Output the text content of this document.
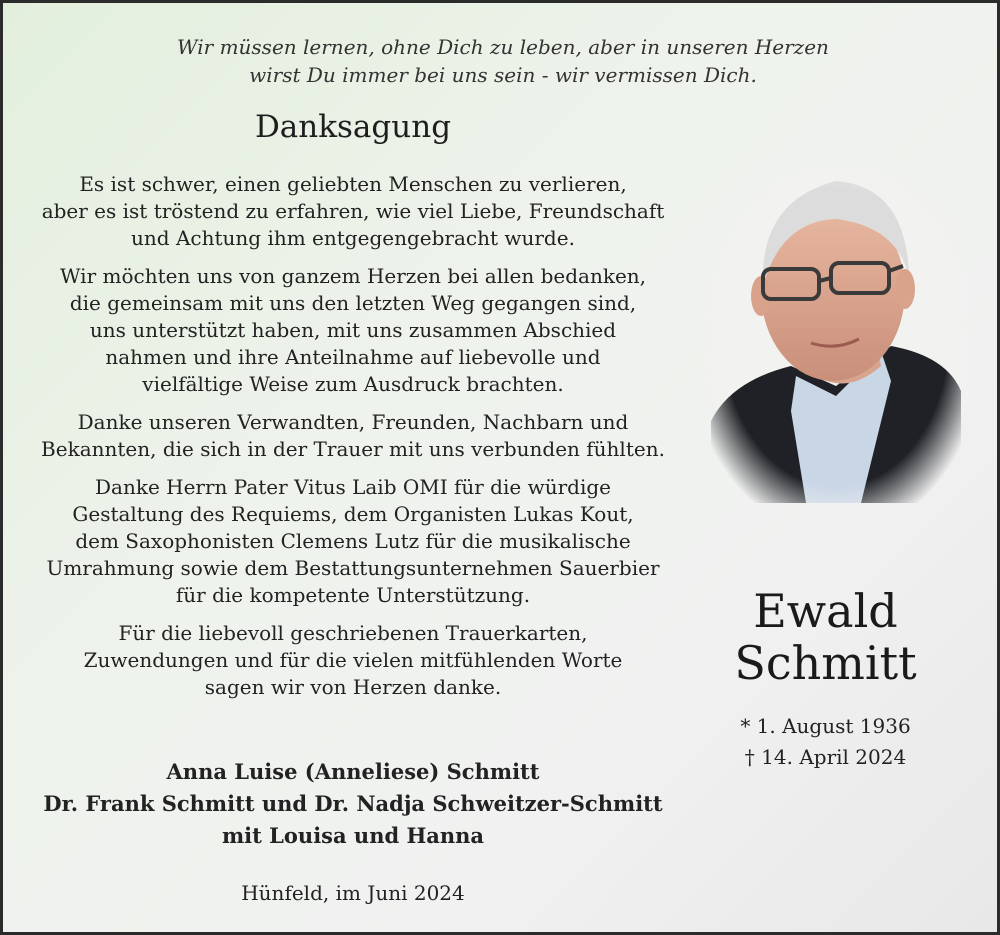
Wir müssen lernen, ohne Dich zu leben, aber in unseren Herzen
wirst Du immer bei uns sein - wir vermissen Dich.
Danksagung

Es ist schwer, einen geliebten Menschen zu verlieren,
aber es ist tröstend zu erfahren, wie viel Liebe, Freundschaft
und Achtung ihm entgegengebracht wurde.

Wir möchten uns von ganzem Herzen bei allen bedanken,
die gemeinsam mit uns den letzten Weg gegangen sind,
uns unterstützt haben, mit uns zusammen Abschied
nahmen und ihre Anteilnahme auf liebevolle und
vielfältige Weise zum Ausdruck brachten.

Danke unseren Verwandten, Freunden, Nachbarn und
Bekannten, die sich in der Trauer mit uns verbunden fühlten.

Danke Herrn Pater Vitus Laib OMI für die würdige
Gestaltung des Requiems, dem Organisten Lukas Kout,
dem Saxophonisten Clemens Lutz für die musikalische
Umrahmung sowie dem Bestattungsunternehmen Sauerbier
für die kompetente Unterstützung.

Für die liebevoll geschriebenen Trauerkarten,
Zuwendungen und für die vielen mitfühlenden Worte
sagen wir von Herzen danke.

Anna Luise (Anneliese) Schmitt
Dr. Frank Schmitt und Dr. Nadja Schweitzer-Schmitt
mit Louisa und Hanna
Hünfeld, im Juni 2024
Ewald
Schmitt
* 1. August 1936
† 14. April 2024
